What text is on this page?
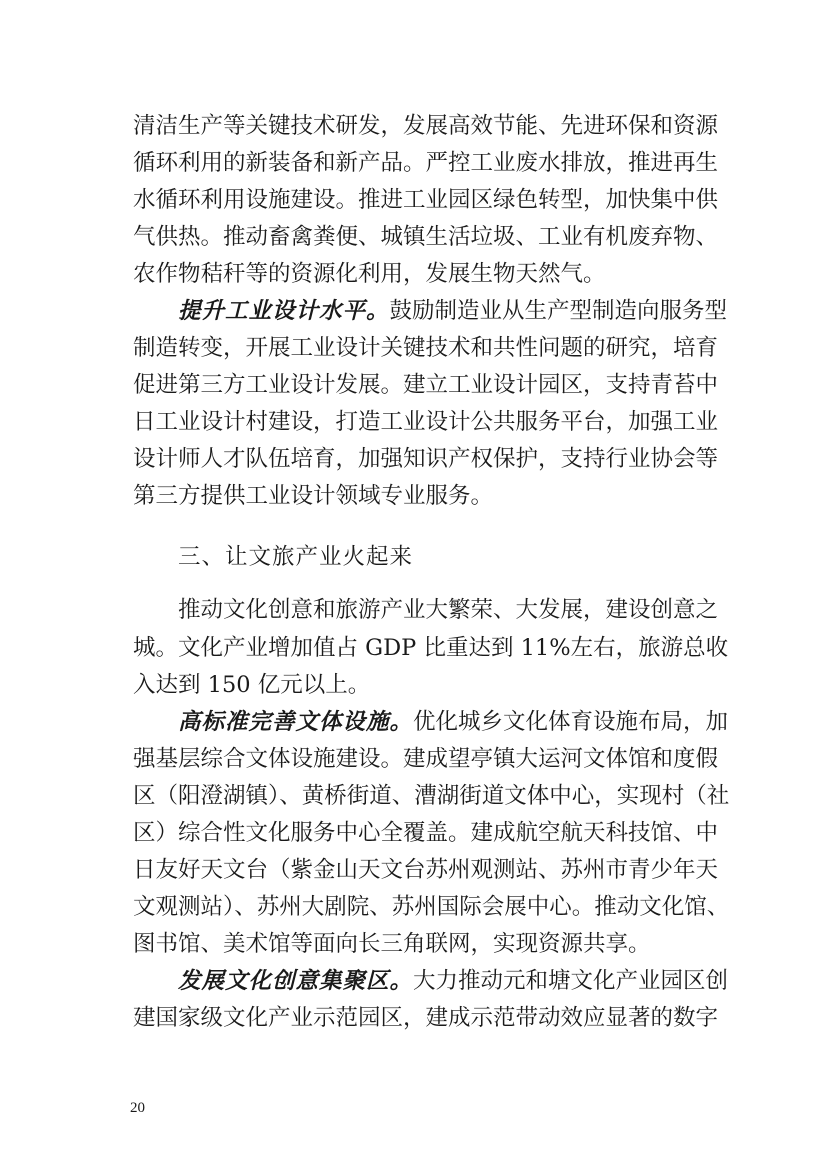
清洁生产等关键技术研发，发展高效节能、先进环保和资源

循环利用的新装备和新产品。严控工业废水排放，推进再生

水循环利用设施建设。推进工业园区绿色转型，加快集中供

气供热。推动畜禽粪便、城镇生活垃圾、工业有机废弃物、

农作物秸秆等的资源化利用，发展生物天然气。

提升工业设计水平。鼓励制造业从生产型制造向服务型

制造转变，开展工业设计关键技术和共性问题的研究，培育

促进第三方工业设计发展。建立工业设计园区，支持青苔中

日工业设计村建设，打造工业设计公共服务平台，加强工业

设计师人才队伍培育，加强知识产权保护，支持行业协会等

第三方提供工业设计领域专业服务。

三、让文旅产业火起来

推动文化创意和旅游产业大繁荣、大发展，建设创意之

城。文化产业增加值占 GDP 比重达到 11%左右，旅游总收

入达到 150 亿元以上。

高标准完善文体设施。优化城乡文化体育设施布局，加

强基层综合文体设施建设。建成望亭镇大运河文体馆和度假

区（阳澄湖镇）、黄桥街道、漕湖街道文体中心，实现村（社

区）综合性文化服务中心全覆盖。建成航空航天科技馆、中

日友好天文台（紫金山天文台苏州观测站、苏州市青少年天

文观测站）、苏州大剧院、苏州国际会展中心。推动文化馆、

图书馆、美术馆等面向长三角联网，实现资源共享。

发展文化创意集聚区。大力推动元和塘文化产业园区创

建国家级文化产业示范园区，建成示范带动效应显著的数字

20
